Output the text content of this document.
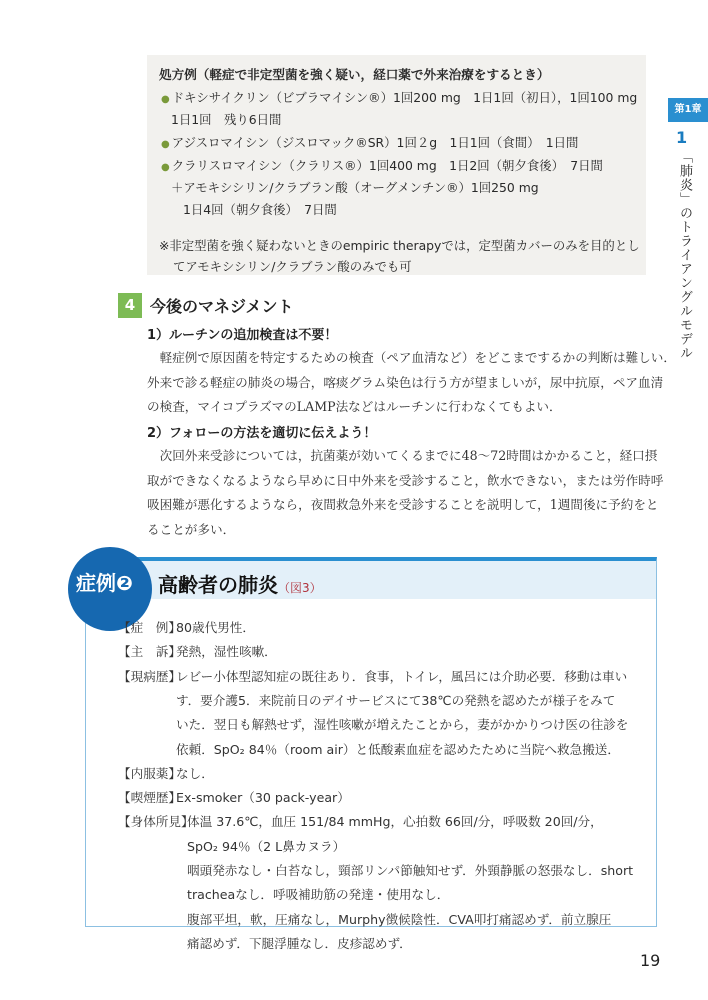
処方例（軽症で非定型菌を強く疑い，経口薬で外来治療をするとき）
● ドキシサイクリン（ビブラマイシン®）1回200 mg　1日1回（初日），1回100 mg
1日1回　残り6日間
● アジスロマイシン（ジスロマック®SR）1回２g　1日1回（食間）　1日間
● クラリスロマイシン（クラリス®）1回400 mg　1日2回（朝夕食後）　7日間
＋アモキシシリン/クラブラン酸（オーグメンチン®）1回250 mg
1日4回（朝夕食後）　7日間
※非定型菌を強く疑わないときのempiric therapyでは，定型菌カバーのみを目的とし
てアモキシシリン/クラブラン酸のみでも可
第1章
1
「肺炎」のトライアングルモデル
4 今後のマネジメント
1）ルーチンの追加検査は不要！
　軽症例で原因菌を特定するための検査（ペア血清など）をどこまでするかの判断は難しい．
外来で診る軽症の肺炎の場合，喀痰グラム染色は行う方が望ましいが，尿中抗原，ペア血清
の検査，マイコプラズマのLAMP法などはルーチンに行わなくてもよい．
2）フォローの方法を適切に伝えよう！
　次回外来受診については，抗菌薬が効いてくるまでに48〜72時間はかかること，経口摂
取ができなくなるようなら早めに日中外来を受診すること，飲水できない，または労作時呼
吸困難が悪化するようなら，夜間救急外来を受診することを説明して，1週間後に予約をと
ることが多い．
症例❷ 高齢者の肺炎（図3）
【症　例】
80歳代男性．
【主　訴】
発熱，湿性咳嗽．
【現病歴】
レビー小体型認知症の既往あり．食事，トイレ，風呂には介助必要．移動は車い
す．要介護5．来院前日のデイサービスにて38℃の発熱を認めたが様子をみて
いた．翌日も解熱せず，湿性咳嗽が増えたことから，妻がかかりつけ医の往診を
依頼．SpO₂ 84％（room air）と低酸素血症を認めたために当院へ救急搬送．
【内服薬】
なし．
【喫煙歴】
Ex-smoker（30 pack-year）
【身体所見】
体温 37.6℃，血圧 151/84 mmHg，心拍数 66回/分，呼吸数 20回/分，
SpO₂ 94％（2 L鼻カヌラ）
咽頭発赤なし・白苔なし，頸部リンパ節触知せず．外頸静脈の怒張なし．short
tracheaなし．呼吸補助筋の発達・使用なし．
腹部平坦，軟，圧痛なし，Murphy徴候陰性．CVA叩打痛認めず．前立腺圧
痛認めず．下腿浮腫なし．皮疹認めず．
19
